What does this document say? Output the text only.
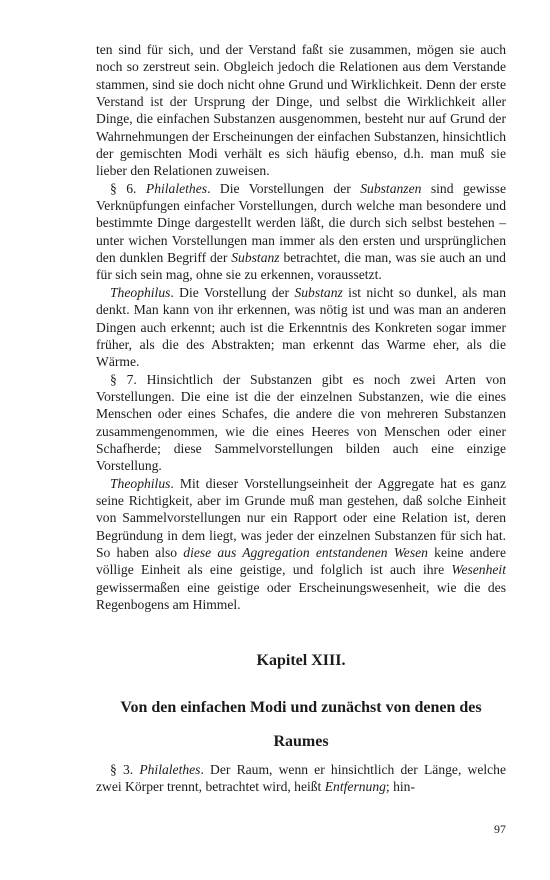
ten sind für sich, und der Verstand faßt sie zusammen, mögen sie auch noch so zerstreut sein. Obgleich jedoch die Relationen aus dem Verstande stammen, sind sie doch nicht ohne Grund und Wirklichkeit. Denn der erste Verstand ist der Ursprung der Dinge, und selbst die Wirklichkeit aller Dinge, die einfachen Substanzen ausgenommen, besteht nur auf Grund der Wahrnehmungen der Erscheinungen der einfachen Substanzen, hinsichtlich der gemischten Modi verhält es sich häufig ebenso, d.h. man muß sie lieber den Relationen zuweisen.

§ 6. Philalethes. Die Vorstellungen der Substanzen sind gewisse Verknüpfungen einfacher Vorstellungen, durch welche man besondere und bestimmte Dinge dargestellt werden läßt, die durch sich selbst bestehen – unter wichen Vorstellungen man immer als den ersten und ursprünglichen den dunklen Begriff der Substanz betrachtet, die man, was sie auch an und für sich sein mag, ohne sie zu erkennen, voraussetzt.

Theophilus. Die Vorstellung der Substanz ist nicht so dunkel, als man denkt. Man kann von ihr erkennen, was nötig ist und was man an anderen Dingen auch erkennt; auch ist die Erkenntnis des Konkreten sogar immer früher, als die des Abstrakten; man erkennt das Warme eher, als die Wärme.

§ 7. Hinsichtlich der Substanzen gibt es noch zwei Arten von Vorstellungen. Die eine ist die der einzelnen Substanzen, wie die eines Menschen oder eines Schafes, die andere die von mehreren Substanzen zusammengenommen, wie die eines Heeres von Menschen oder einer Schafherde; diese Sammelvorstellungen bilden auch eine einzige Vorstellung.

Theophilus. Mit dieser Vorstellungseinheit der Aggregate hat es ganz seine Richtigkeit, aber im Grunde muß man gestehen, daß solche Einheit von Sammelvorstellungen nur ein Rapport oder eine Relation ist, deren Begründung in dem liegt, was jeder der einzelnen Substanzen für sich hat. So haben also diese aus Aggregation entstandenen Wesen keine andere völlige Einheit als eine geistige, und folglich ist auch ihre Wesenheit gewissermaßen eine geistige oder Erscheinungswesenheit, wie die des Regenbogens am Himmel.

Kapitel XIII.
Von den einfachen Modi und zunächst von denen des Raumes

§ 3. Philalethes. Der Raum, wenn er hinsichtlich der Länge, welche zwei Körper trennt, betrachtet wird, heißt Entfernung; hin-

97
